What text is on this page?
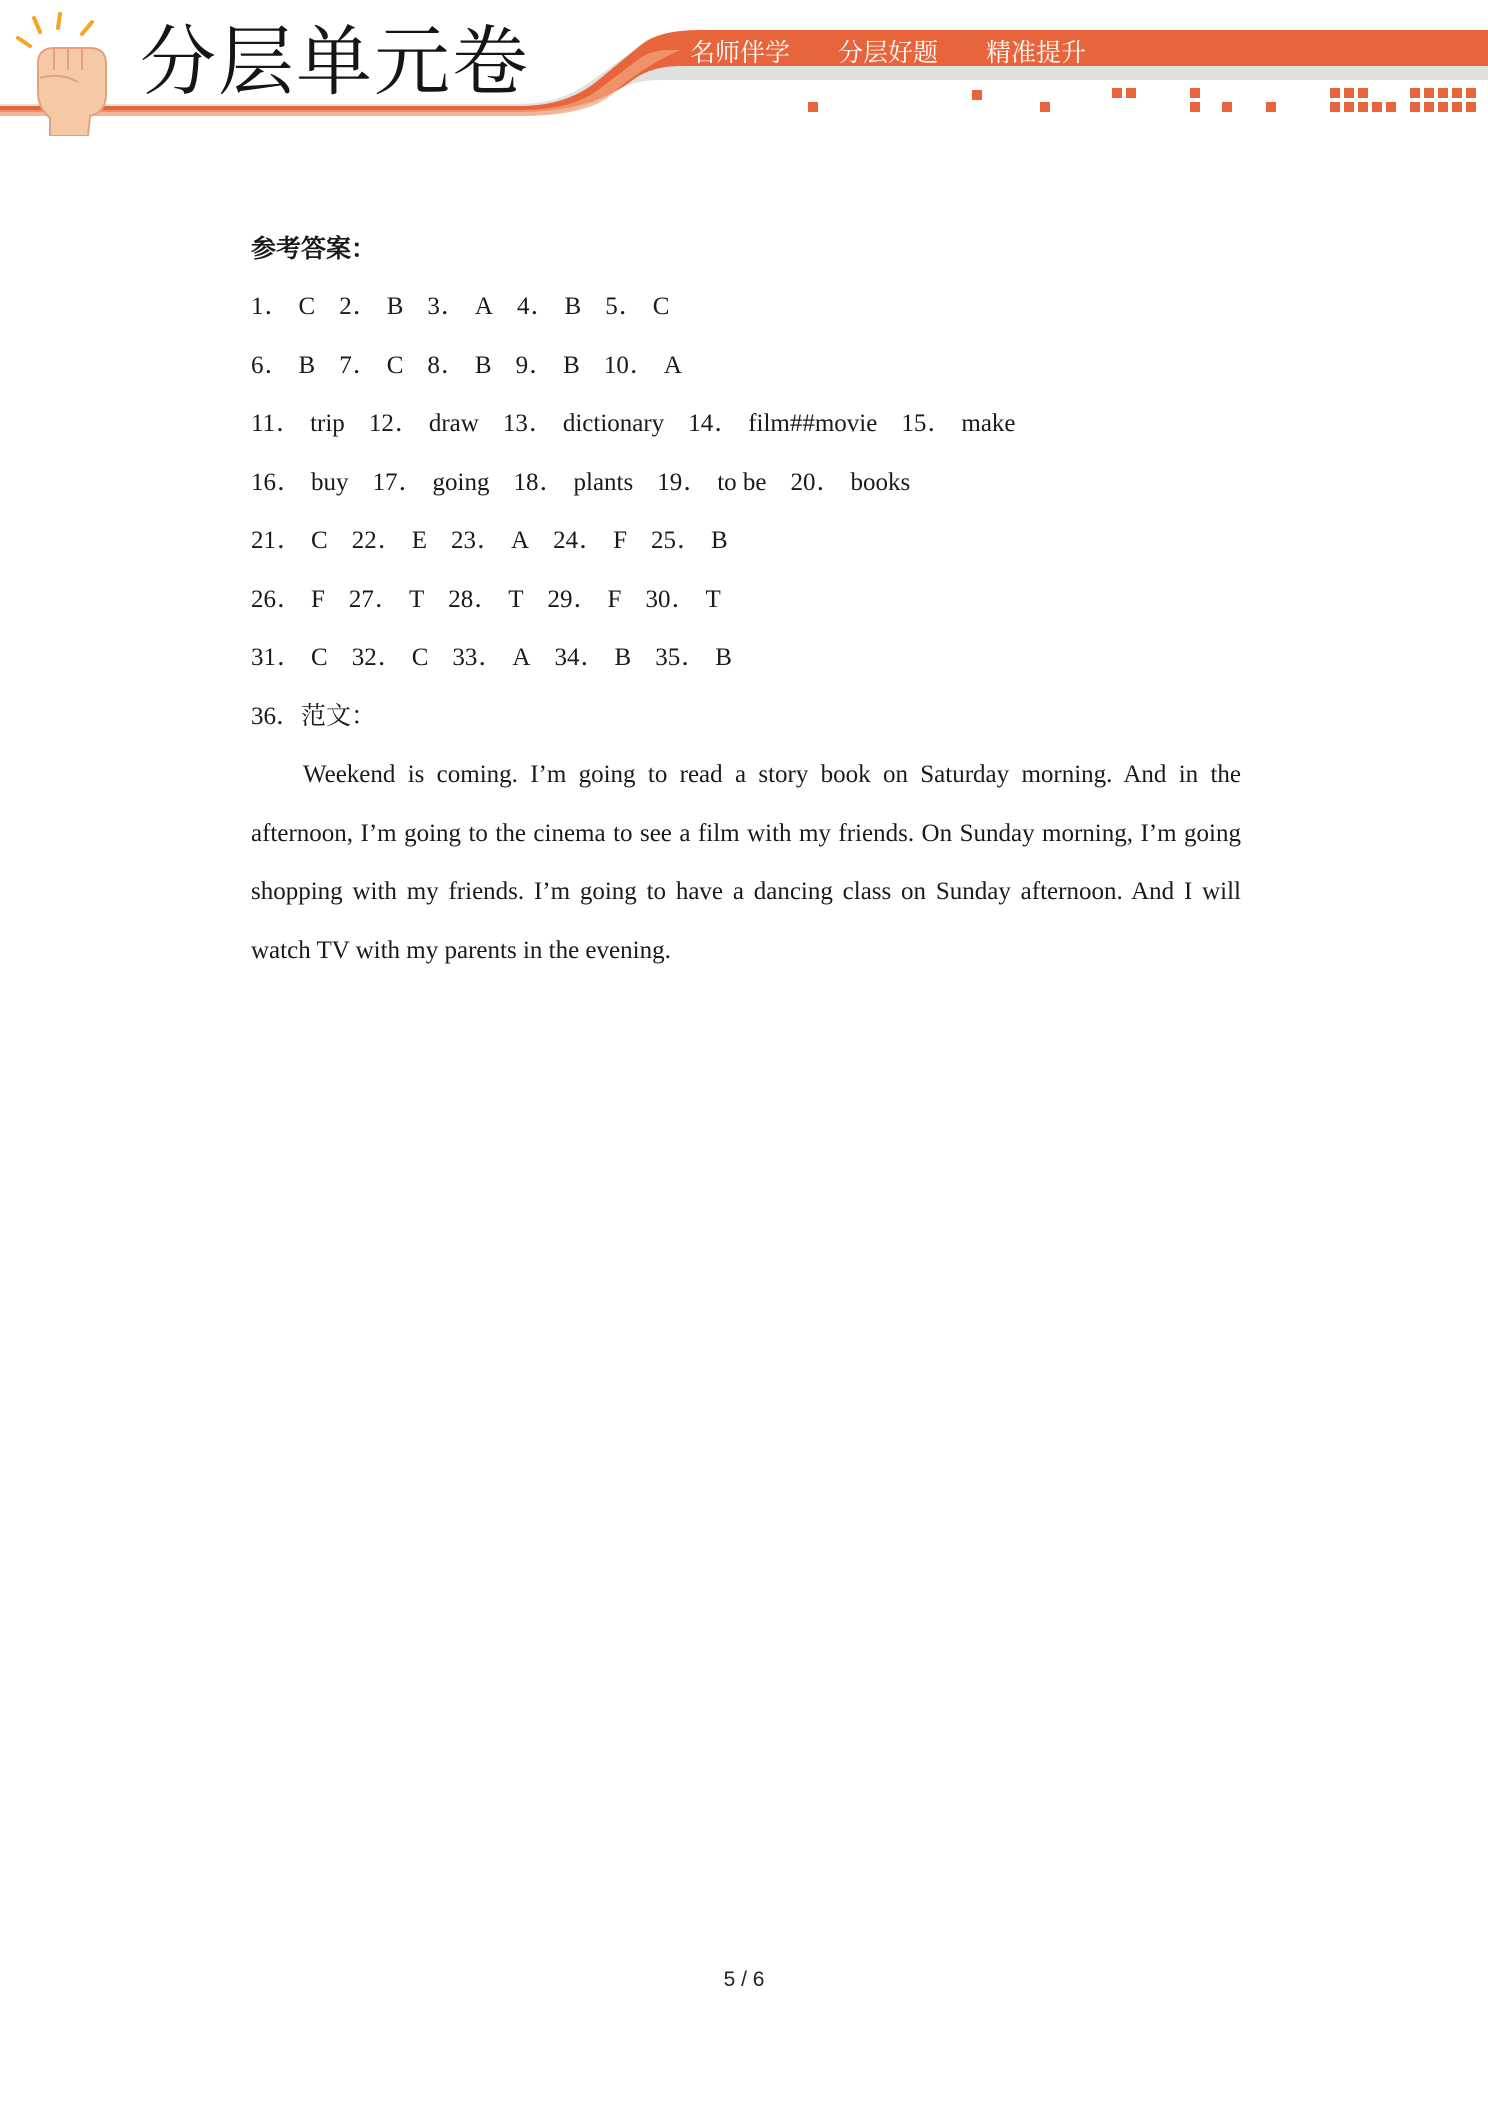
分层单元卷	名师伴学 分层好题 精准提升
参考答案：
1． C 2． B 3． A 4． B 5． C
6． B 7． C 8． B 9． B 10． A
11． trip 12． draw 13． dictionary 14． film##movie 15． make
16． buy 17． going 18． plants 19． to be 20． books
21． C 22． E 23． A 24． F 25． B
26． F 27． T 28． T 29． F 30． T
31． C 32． C 33． A 34． B 35． B
36．范文：

Weekend is coming. I’m going to read a story book on Saturday morning. And in the afternoon, I’m going to the cinema to see a film with my friends. On Sunday morning, I’m going shopping with my friends. I’m going to have a dancing class on Sunday afternoon. And I will watch TV with my parents in the evening.

5 / 6
